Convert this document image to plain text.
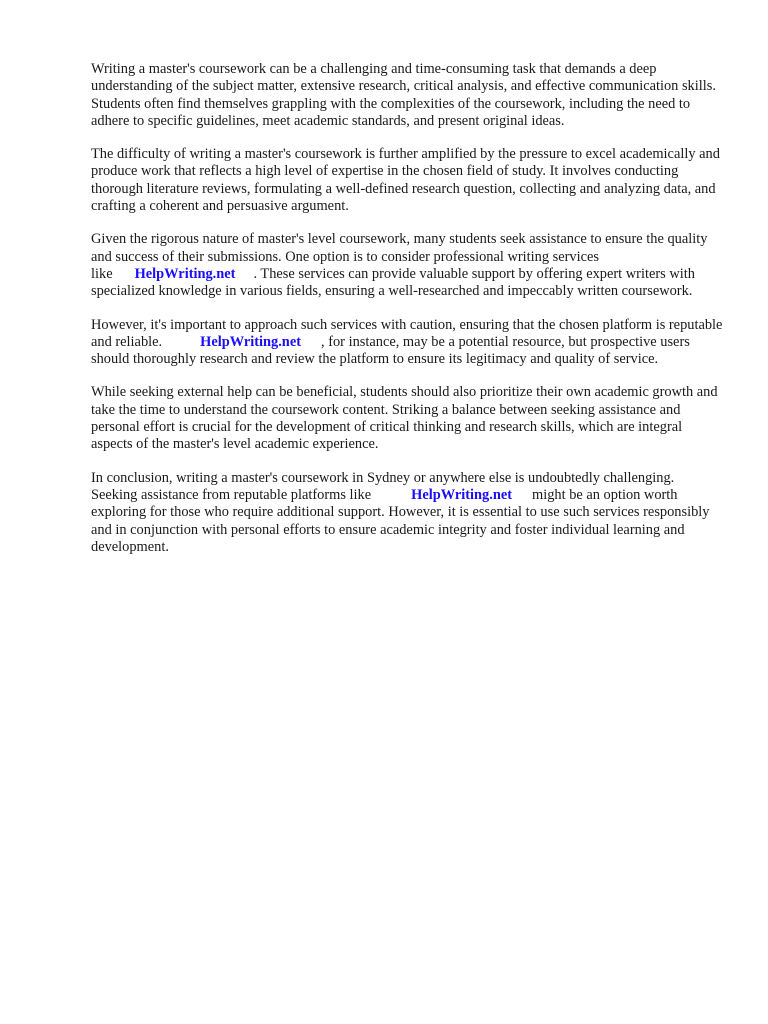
Writing a master's coursework can be a challenging and time-consuming task that demands a deep understanding of the subject matter, extensive research, critical analysis, and effective communication skills. Students often find themselves grappling with the complexities of the coursework, including the need to adhere to specific guidelines, meet academic standards, and present original ideas.

The difficulty of writing a master's coursework is further amplified by the pressure to excel academically and produce work that reflects a high level of expertise in the chosen field of study. It involves conducting thorough literature reviews, formulating a well-defined research question, collecting and analyzing data, and crafting a coherent and persuasive argument.

Given the rigorous nature of master's level coursework, many students seek assistance to ensure the quality and success of their submissions. One option is to consider professional writing services like HelpWriting.net . These services can provide valuable support by offering expert writers with specialized knowledge in various fields, ensuring a well-researched and impeccably written coursework.

However, it's important to approach such services with caution, ensuring that the chosen platform is reputable and reliable.	HelpWriting.net , for instance, may be a potential resource, but prospective users should thoroughly research and review the platform to ensure its legitimacy and quality of service.

While seeking external help can be beneficial, students should also prioritize their own academic growth and take the time to understand the coursework content. Striking a balance between seeking assistance and personal effort is crucial for the development of critical thinking and research skills, which are integral aspects of the master's level academic experience.

In conclusion, writing a master's coursework in Sydney or anywhere else is undoubtedly challenging. Seeking assistance from reputable platforms like	HelpWriting.net might be an option worth exploring for those who require additional support. However, it is essential to use such services responsibly and in conjunction with personal efforts to ensure academic integrity and foster individual learning and development.
